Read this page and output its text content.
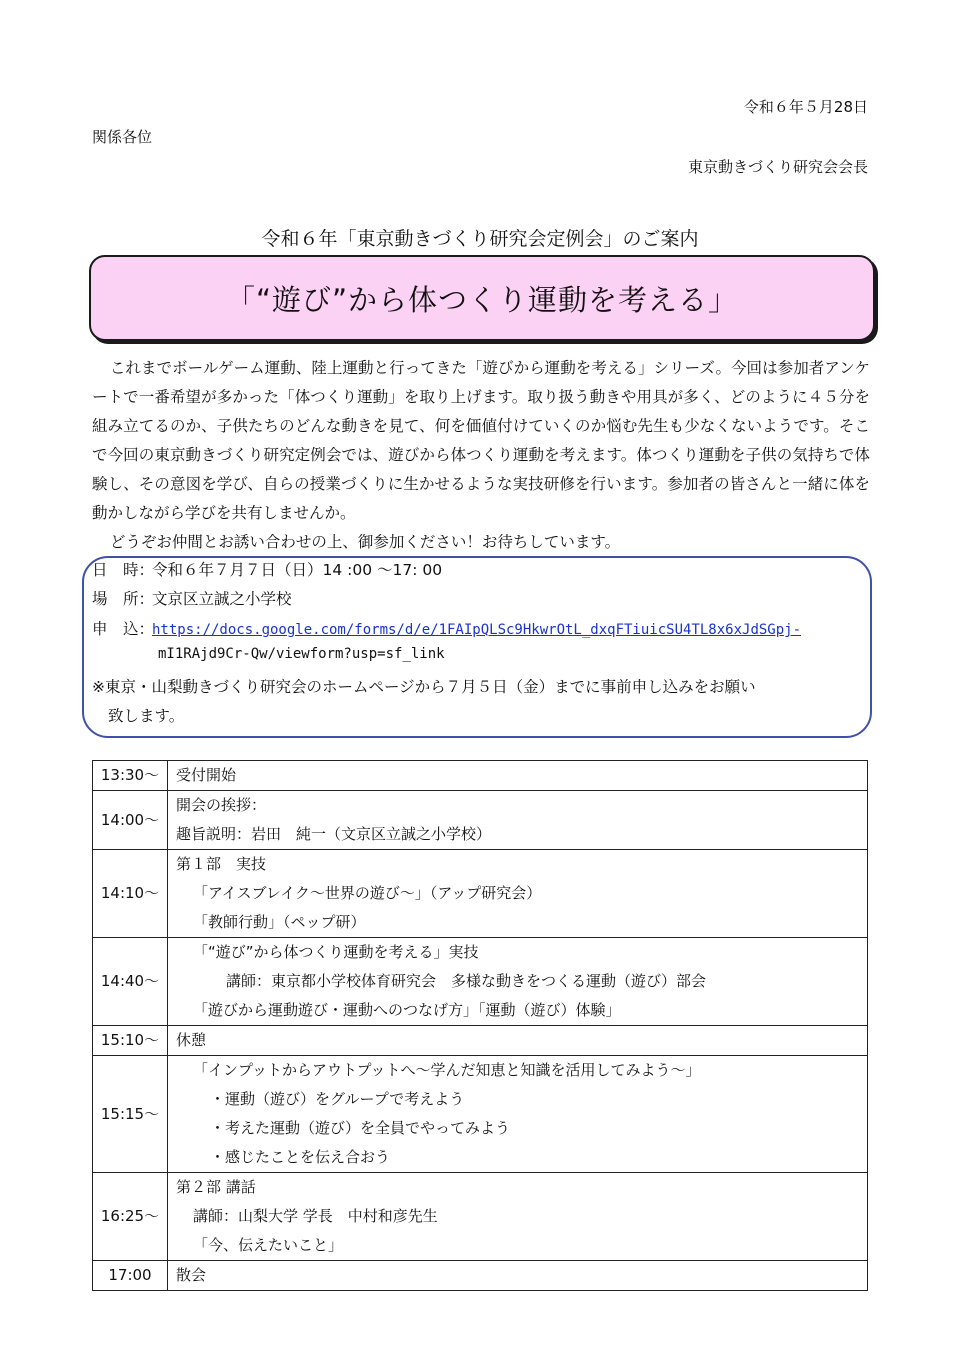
令和６年５月28日
関係各位
東京動きづくり研究会会長
令和６年「東京動きづくり研究会定例会」のご案内
「“遊び”から体つくり運動を考える」

これまでボールゲーム運動、陸上運動と行ってきた「遊びから運動を考える」シリーズ。今回は参加者アンケートで一番希望が多かった「体つくり運動」を取り上げます。取り扱う動きや用具が多く、どのように４５分を組み立てるのか、子供たちのどんな動きを見て、何を価値付けていくのか悩む先生も少なくないようです。そこで今回の東京動きづくり研究定例会では、遊びから体つくり運動を考えます。体つくり運動を子供の気持ちで体験し、その意図を学び、自らの授業づくりに生かせるような実技研修を行います。参加者の皆さんと一緒に体を動かしながら学びを共有しませんか。

どうぞお仲間とお誘い合わせの上、御参加ください！お待ちしています。

日　時：令和６年７月７日（日）14 :00 ～17: 00
場　所：文京区立誠之小学校
申　込：https://docs.google.com/forms/d/e/1FAIpQLSc9HkwrOtL_dxqFTiuicSU4TL8x6xJdSGpj-
mI1RAjd9Cr-Qw/viewform?usp=sf_link
※東京・山梨動きづくり研究会のホームページから７月５日（金）までに事前申し込みをお願い
致します。
13:30～	受付開始

14:00～	開会の挨拶：
趣旨説明：岩田　純一（文京区立誠之小学校）

14:10～	第１部　実技
「アイスブレイク～世界の遊び～」（アップ研究会）
「教師行動」（ペップ研）

14:40～	「“遊び”から体つくり運動を考える」実技
講師：東京都小学校体育研究会　多様な動きをつくる運動（遊び）部会
「遊びから運動遊び・運動へのつなげ方」「運動（遊び）体験」

15:10～	休憩

15:15～	「インプットからアウトプットへ～学んだ知恵と知識を活用してみよう～」
・運動（遊び）をグループで考えよう
・考えた運動（遊び）を全員でやってみよう
・感じたことを伝え合おう

16:25～	第２部 講話
講師：山梨大学 学長　中村和彦先生
「今、伝えたいこと」

17:00	散会
